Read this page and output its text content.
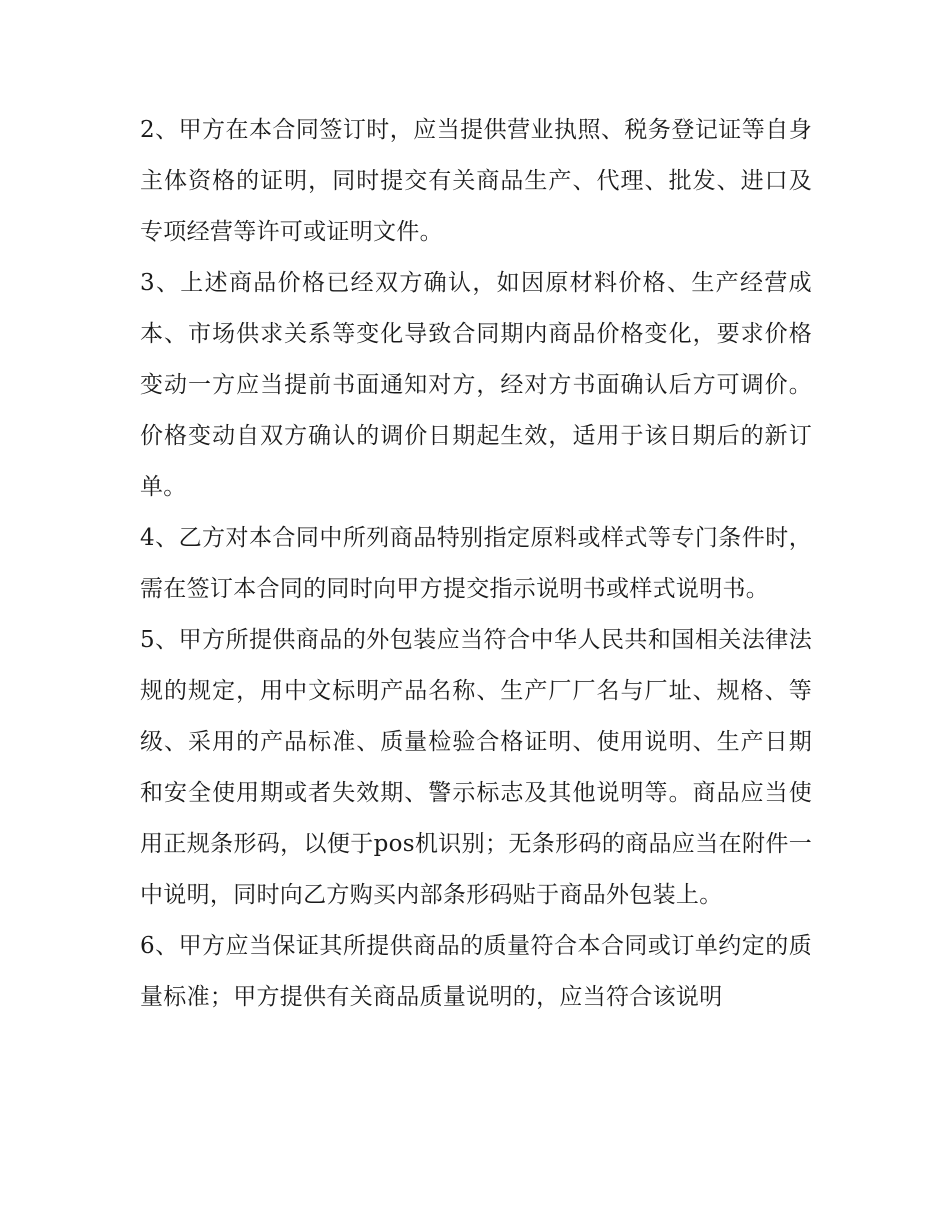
2、甲方在本合同签订时，应当提供营业执照、税务登记证等自身主体资格的证明，同时提交有关商品生产、代理、批发、进口及专项经营等许可或证明文件。

3、上述商品价格已经双方确认，如因原材料价格、生产经营成本、市场供求关系等变化导致合同期内商品价格变化，要求价格变动一方应当提前书面通知对方，经对方书面确认后方可调价。价格变动自双方确认的调价日期起生效，适用于该日期后的新订单。

4、乙方对本合同中所列商品特别指定原料或样式等专门条件时，需在签订本合同的同时向甲方提交指示说明书或样式说明书。

5、甲方所提供商品的外包装应当符合中华人民共和国相关法律法规的规定，用中文标明产品名称、生产厂厂名与厂址、规格、等级、采用的产品标准、质量检验合格证明、使用说明、生产日期和安全使用期或者失效期、警示标志及其他说明等。商品应当使用正规条形码，以便于pos机识别；无条形码的商品应当在附件一中说明，同时向乙方购买内部条形码贴于商品外包装上。

6、甲方应当保证其所提供商品的质量符合本合同或订单约定的质量标准；甲方提供有关商品质量说明的，应当符合该说明
